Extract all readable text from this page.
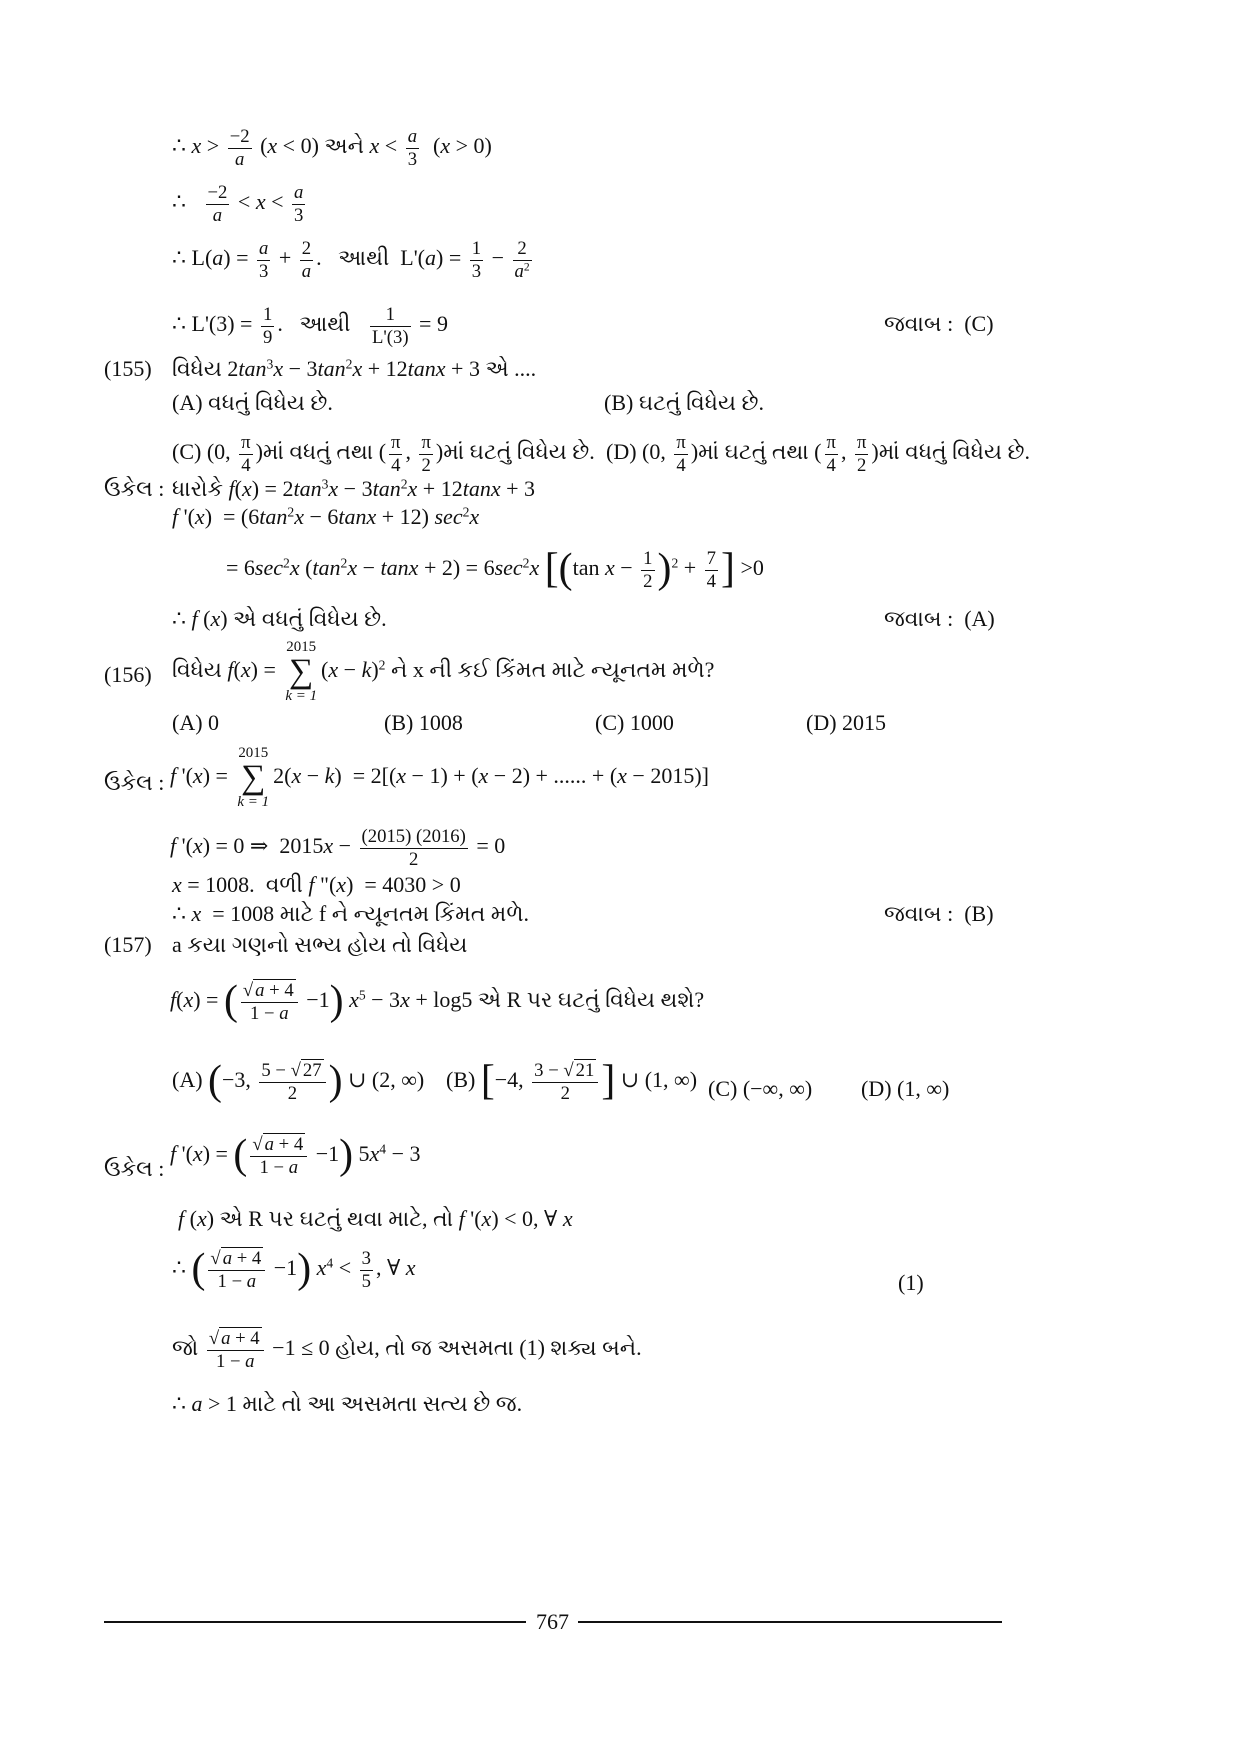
∴ $x > \frac{-2}{a} (x < 0)$ અને $x < \frac{a}{3} (x > 0)$
∴ $\frac{-2}{a} < x < \frac{a}{3}$
∴ $L(a) = \frac{a}{3} + \frac{2}{a}$ .   આથી  $L'(a) = \frac{1}{3} - \frac{2}{a^2}$
∴ $L'(3) = \frac{1}{9}$ .   આથી $\frac{1}{L'(3)} = 9$	જવાબ : (C)
(155) વિધેય $2\tan^3x - 3\tan^2x + 12\tan x + 3$ એ ....
(A) વધતું વિધેય છે.	(B) ઘટતું વિધેય છે.
(C) (0, $\frac{\pi}{4}$ )માં વધતું તથા ( $\frac{\pi}{4}$ , $\frac{\pi}{2}$ )માં ઘટતું વિધેય છે. (D) (0, $\frac{\pi}{4}$ )માં ઘટતું તથા ( $\frac{\pi}{4}$ , $\frac{\pi}{2}$ )માં વધતું વિધેય છે.
ઉકેલ : ધારોકે $f(x) = 2\tan^3x - 3\tan^2x + 12\tan x + 3$
f '$(x) = (6\tan^2x - 6\tan x + 12)$ $\sec^2x$
= $6\sec^2x$ $(\tan^2x - \tan x + 2) = 6\sec^2x$ [(tan $x - \frac{1}{2} )^2 + \frac{7}{4}$ ] >0
∴ f (x) એ વધતું વિધેય છે.	જવાબ : (A)
(156) વિધેય f(x) =
2015
∑
k = 1
$(x - k)^2$ ને x ની કઈ કિંમત માટે ન્યૂનતમ મળે?
(A) 0	(B) 1008	(C) 1000	(D) 2015
ઉકેલ : f '(x) =
2015
∑
k = 1
2(x − k)  = 2[(x − 1) + (x − 2) + ...... + (x − 2015)]
f '(x) = 0 ⇒  $2015x - \frac{(2015) (2016)}{2} = 0$
x = 1008.  વળી f "(x)  = 4030 > 0
∴ x  = 1008 માટે f ને ન્યૂનતમ કિંમત મળે.	જવાબ : (B)
(157) a કયા ગણનો સભ્ય હોય તો વિધેય
f(x) = ( $\frac{√ a + 4}{1 - a} -1$) $x^5 - 3x + \log 5$ એ R પર ઘટતું વિધેય થશે?
(A) (−3, $\frac{5 - √ 27}{2}$ ) ∪ (2, ∞) (B) [−4, $\frac{3 - √ 21}{2}$ ] ∪ (1, ∞) (C) (−∞, ∞) (D) (1, ∞)
ઉકેલ :
f '(x) = ( $\frac{√ a + 4}{1 - a} -1$) $5x^4 - 3$
f (x) એ R પર ઘટતું થવા માટે, તો f '(x) < 0, ∀ x
∴ ( $\frac{√ a + 4}{1 - a} -1$) $x^4 < \frac{3}{5}$ , ∀ x
(1)
જો $\frac{√ a + 4}{1 - a} -1 \le 0$ હોય, તો જ અસમતા (1) શક્ય બને.
∴ a > 1 માટે તો આ અસમતા સત્ય છે જ.
767
